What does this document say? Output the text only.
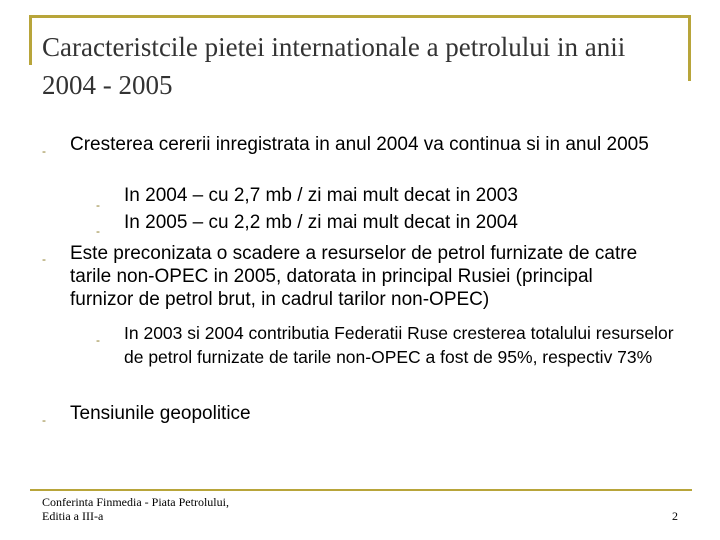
Caracteristcile pietei internationale a petrolului in anii 2004 - 2005
- Cresterea cererii inregistrata in anul 2004 va continua si in anul 2005
- In 2004 – cu 2,7 mb / zi mai mult decat in 2003
- In 2005 – cu 2,2 mb / zi mai mult decat in 2004
- Este preconizata o scadere a resurselor de petrol furnizate de catre tarile non-OPEC in 2005, datorata in principal Rusiei (principal furnizor de petrol brut, in cadrul tarilor non-OPEC)
- In 2003 si 2004 contributia Federatii Ruse cresterea totalului resurselor de petrol furnizate de tarile non-OPEC a fost de 95%, respectiv 73%
- Tensiunile geopolitice
Conferinta Finmedia - Piata Petrolului, Editia a III-a	2
